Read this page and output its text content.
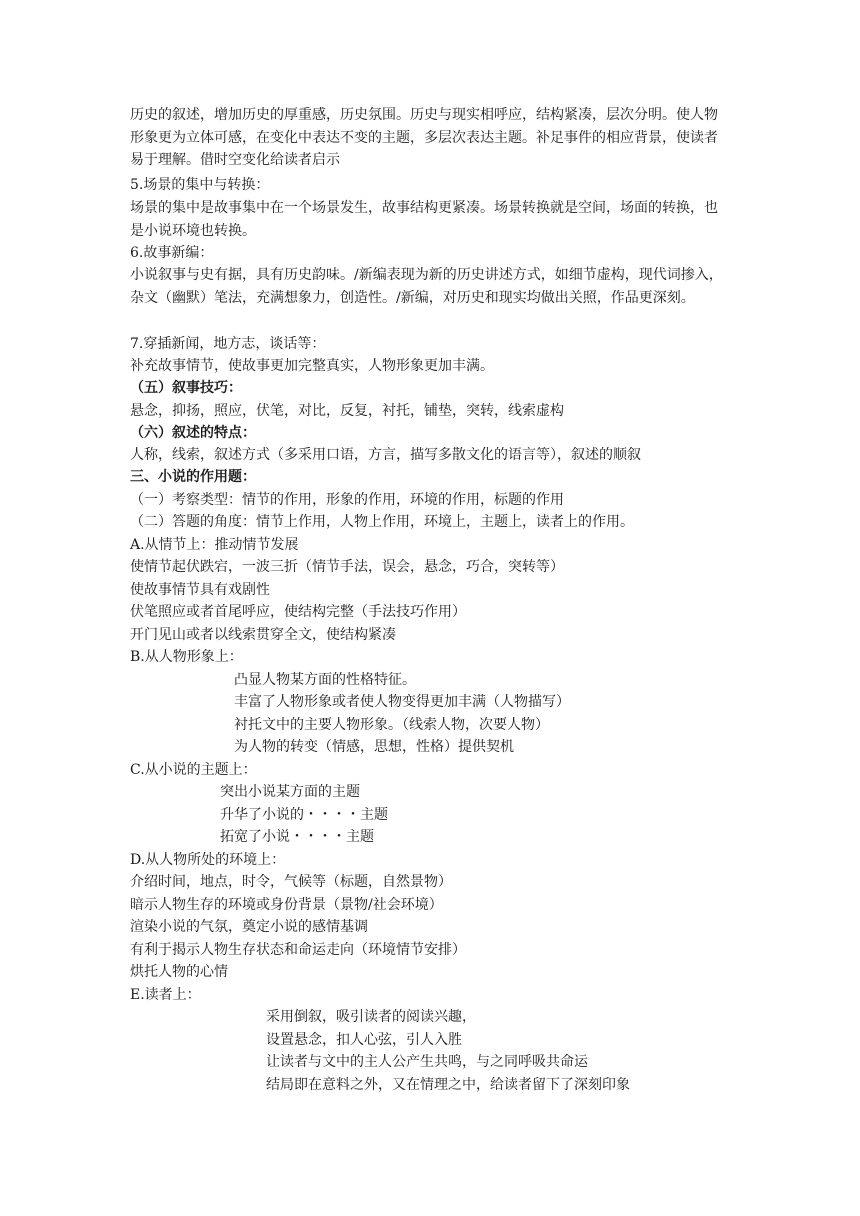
历史的叙述，增加历史的厚重感，历史氛围。历史与现实相呼应，结构紧凑，层次分明。使人物形象更为立体可感，在变化中表达不变的主题，多层次表达主题。补足事件的相应背景，使读者易于理解。借时空变化给读者启示
5.场景的集中与转换：
场景的集中是故事集中在一个场景发生，故事结构更紧凑。场景转换就是空间，场面的转换，也是小说环境也转换。
6.故事新编：
小说叙事与史有据，具有历史韵味。/新编表现为新的历史讲述方式，如细节虚构，现代词掺入，杂文（幽默）笔法，充满想象力，创造性。/新编，对历史和现实均做出关照，作品更深刻。
7.穿插新闻，地方志，谈话等：
补充故事情节，使故事更加完整真实，人物形象更加丰满。
（五）叙事技巧：
悬念，抑扬，照应，伏笔，对比，反复，衬托，铺垫，突转，线索虚构
（六）叙述的特点：
人称，线索，叙述方式（多采用口语，方言，描写多散文化的语言等），叙述的顺叙
三、小说的作用题：
（一）考察类型：情节的作用，形象的作用，环境的作用，标题的作用
（二）答题的角度：情节上作用，人物上作用，环境上，主题上，读者上的作用。
A.从情节上：推动情节发展
使情节起伏跌宕，一波三折（情节手法，误会，悬念，巧合，突转等）
使故事情节具有戏剧性
伏笔照应或者首尾呼应，使结构完整（手法技巧作用）
开门见山或者以线索贯穿全文，使结构紧凑
B.从人物形象上：
凸显人物某方面的性格特征。
丰富了人物形象或者使人物变得更加丰满（人物描写）
衬托文中的主要人物形象。（线索人物，次要人物）
为人物的转变（情感，思想，性格）提供契机
C.从小说的主题上：
突出小说某方面的主题
升华了小说的・・・・主题
拓宽了小说・・・・主题
D.从人物所处的环境上：
介绍时间，地点，时令，气候等（标题，自然景物）
暗示人物生存的环境或身份背景（景物/社会环境）
渲染小说的气氛，奠定小说的感情基调
有利于揭示人物生存状态和命运走向（环境情节安排）
烘托人物的心情
E.读者上：
采用倒叙，吸引读者的阅读兴趣，
设置悬念，扣人心弦，引人入胜
让读者与文中的主人公产生共鸣，与之同呼吸共命运
结局即在意料之外，又在情理之中，给读者留下了深刻印象
